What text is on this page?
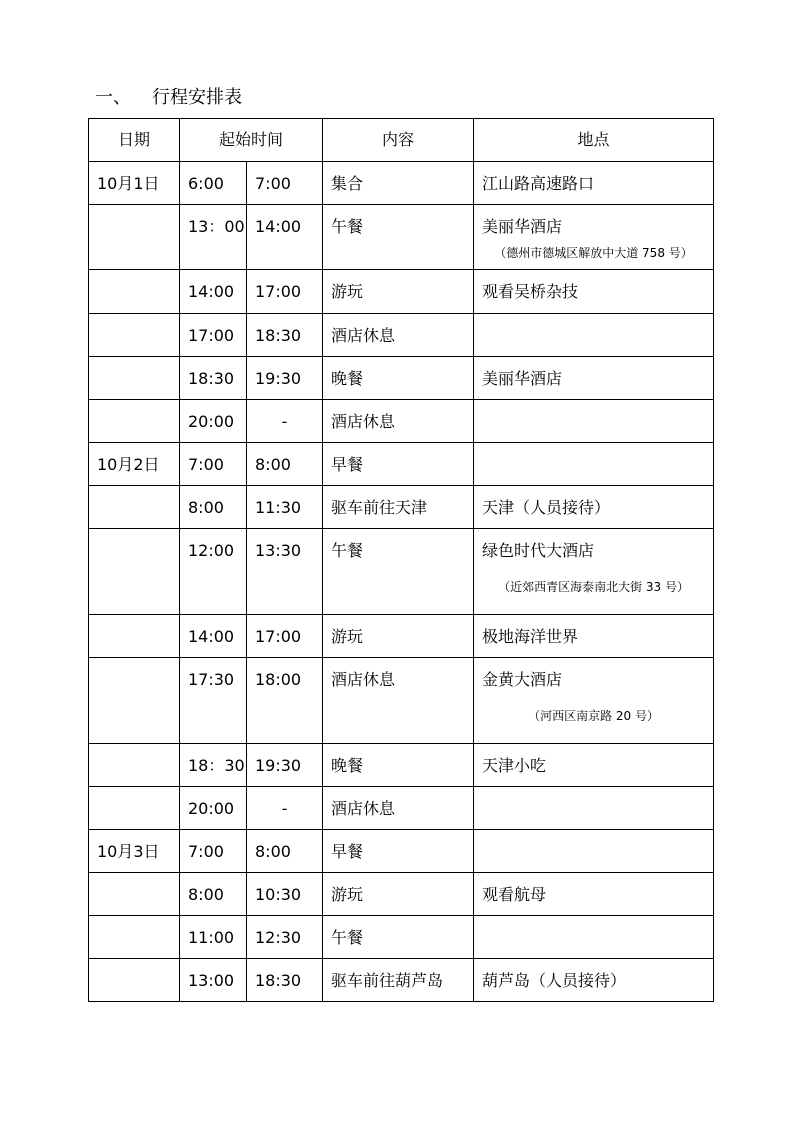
一、 行程安排表
日期	起始时间		内容	地点
10月1日	6:00	7:00	集合	江山路高速路口
	13：00	14:00	午餐	美丽华酒店
（德州市德城区解放中大道 758 号）

	14:00	17:00	游玩	观看吴桥杂技
	17:00	18:30	酒店休息	
	18:30	19:30	晚餐	美丽华酒店
	20:00	-	酒店休息	
10月2日	7:00	8:00	早餐	
	8:00	11:30	驱车前往天津	天津（人员接待）
	12:00	13:30	午餐	绿色时代大酒店
（近郊西青区海泰南北大街 33 号）

	14:00	17:00	游玩	极地海洋世界
	17:30	18:00	酒店休息	金黄大酒店
（河西区南京路 20 号）

	18：30	19:30	晚餐	天津小吃
	20:00	-	酒店休息	
10月3日	7:00	8:00	早餐	
	8:00	10:30	游玩	观看航母
	11:00	12:30	午餐	
	13:00	18:30	驱车前往葫芦岛	葫芦岛（人员接待）
